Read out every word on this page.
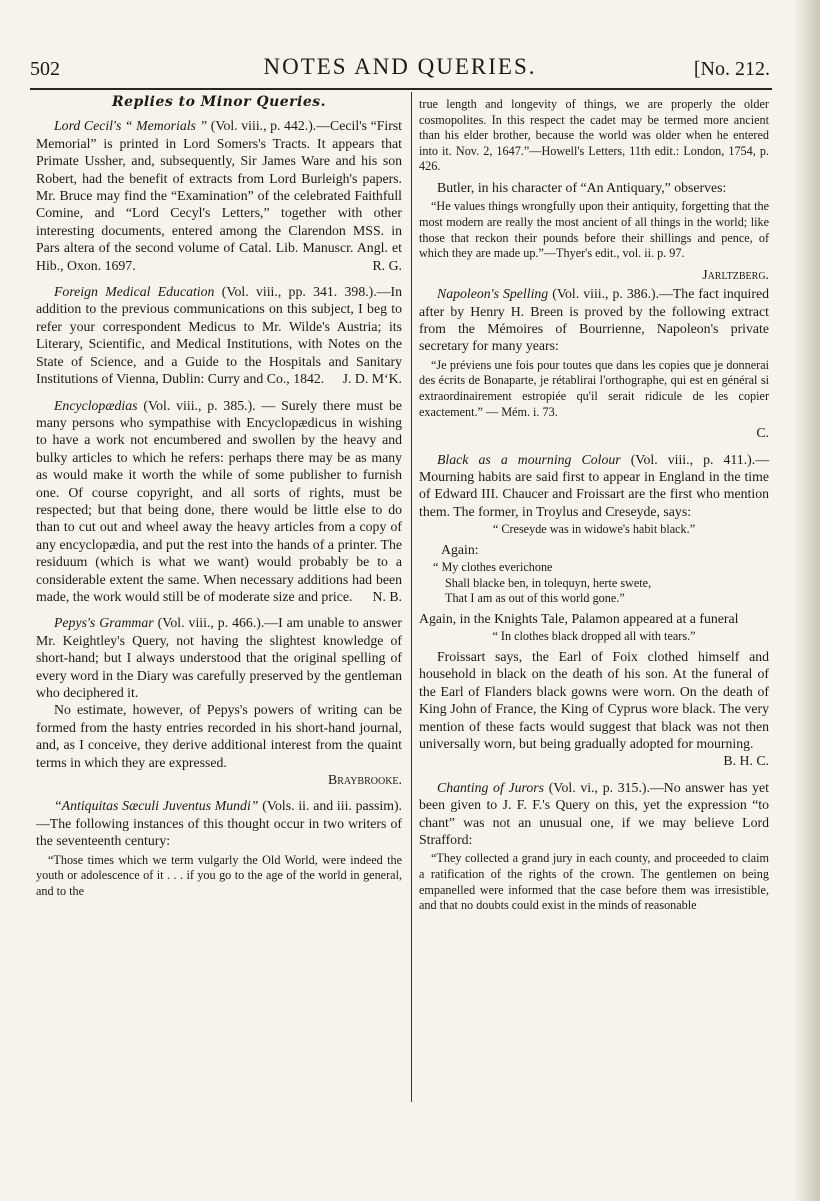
502	NOTES AND QUERIES.	[No. 212.
Replies to Minor Queries.

Lord Cecil's “ Memorials ” (Vol. viii., p. 442.).—Cecil's “First Memorial” is printed in Lord Somers's Tracts. It appears that Primate Ussher, and, subsequently, Sir James Ware and his son Robert, had the benefit of extracts from Lord Burleigh's papers. Mr. Bruce may find the “Examination” of the celebrated Faithfull Comine, and “Lord Cecyl's Letters,” together with other interesting documents, entered among the Clarendon MSS. in Pars altera of the second volume of Catal. Lib. Manuscr. Angl. et Hib., Oxon. 1697.	R. G.

Foreign Medical Education (Vol. viii., pp. 341. 398.).—In addition to the previous communications on this subject, I beg to refer your correspondent Medicus to Mr. Wilde's Austria; its Literary, Scientific, and Medical Institutions, with Notes on the State of Science, and a Guide to the Hospitals and Sanitary Institutions of Vienna, Dublin: Curry and Co., 1842.	J. D. M‘K.

Encyclopædias (Vol. viii., p. 385.). — Surely there must be many persons who sympathise with Encyclopædicus in wishing to have a work not encumbered and swollen by the heavy and bulky articles to which he refers: perhaps there may be as many as would make it worth the while of some publisher to furnish one. Of course copyright, and all sorts of rights, must be respected; but that being done, there would be little else to do than to cut out and wheel away the heavy articles from a copy of any encyclopædia, and put the rest into the hands of a printer. The residuum (which is what we want) would probably be to a considerable extent the same. When necessary additions had been made, the work would still be of moderate size and price.	N. B.

Pepys's Grammar (Vol. viii., p. 466.).—I am unable to answer Mr. Keightley's Query, not having the slightest knowledge of short-hand; but I always understood that the original spelling of every word in the Diary was carefully preserved by the gentleman who deciphered it.

No estimate, however, of Pepys's powers of writing can be formed from the hasty entries recorded in his short-hand journal, and, as I conceive, they derive additional interest from the quaint terms in which they are expressed.

Braybrooke.

“Antiquitas Sæculi Juventus Mundi” (Vols. ii. and iii. passim).—The following instances of this thought occur in two writers of the seventeenth century:

“Those times which we term vulgarly the Old World, were indeed the youth or adolescence of it . . . if you go to the age of the world in general, and to the
true length and longevity of things, we are properly the older cosmopolites. In this respect the cadet may be termed more ancient than his elder brother, because the world was older when he entered into it. Nov. 2, 1647.”—Howell's Letters, 11th edit.: London, 1754, p. 426.

Butler, in his character of “An Antiquary,” observes:

“He values things wrongfully upon their antiquity, forgetting that the most modern are really the most ancient of all things in the world; like those that reckon their pounds before their shillings and pence, of which they are made up.”—Thyer's edit., vol. ii. p. 97.

Jarltzberg.

Napoleon's Spelling (Vol. viii., p. 386.).—The fact inquired after by Henry H. Breen is proved by the following extract from the Mémoires of Bourrienne, Napoleon's private secretary for many years:

“Je préviens une fois pour toutes que dans les copies que je donnerai des écrits de Bonaparte, je rétablirai l'orthographe, qui est en général si extraordinairement estropiée qu'il serait ridicule de les copier exactement.” — Mém. i. 73.

C.

Black as a mourning Colour (Vol. viii., p. 411.).—Mourning habits are said first to appear in England in the time of Edward III. Chaucer and Froissart are the first who mention them. The former, in Troylus and Creseyde, says:

“ Creseyde was in widowe's habit black.”

Again:

“ My clothes everichone
Shall blacke ben, in tolequyn, herte swete,
That I am as out of this world gone.”

Again, in the Knights Tale, Palamon appeared at a funeral

“ In clothes black dropped all with tears.”

Froissart says, the Earl of Foix clothed himself and household in black on the death of his son. At the funeral of the Earl of Flanders black gowns were worn. On the death of King John of France, the King of Cyprus wore black. The very mention of these facts would suggest that black was not then universally worn, but being gradually adopted for mourning.

B. H. C.

Chanting of Jurors (Vol. vi., p. 315.).—No answer has yet been given to J. F. F.'s Query on this, yet the expression “to chant” was not an unusual one, if we may believe Lord Strafford:

“They collected a grand jury in each county, and proceeded to claim a ratification of the rights of the crown. The gentlemen on being empanelled were informed that the case before them was irresistible, and that no doubts could exist in the minds of reasonable
